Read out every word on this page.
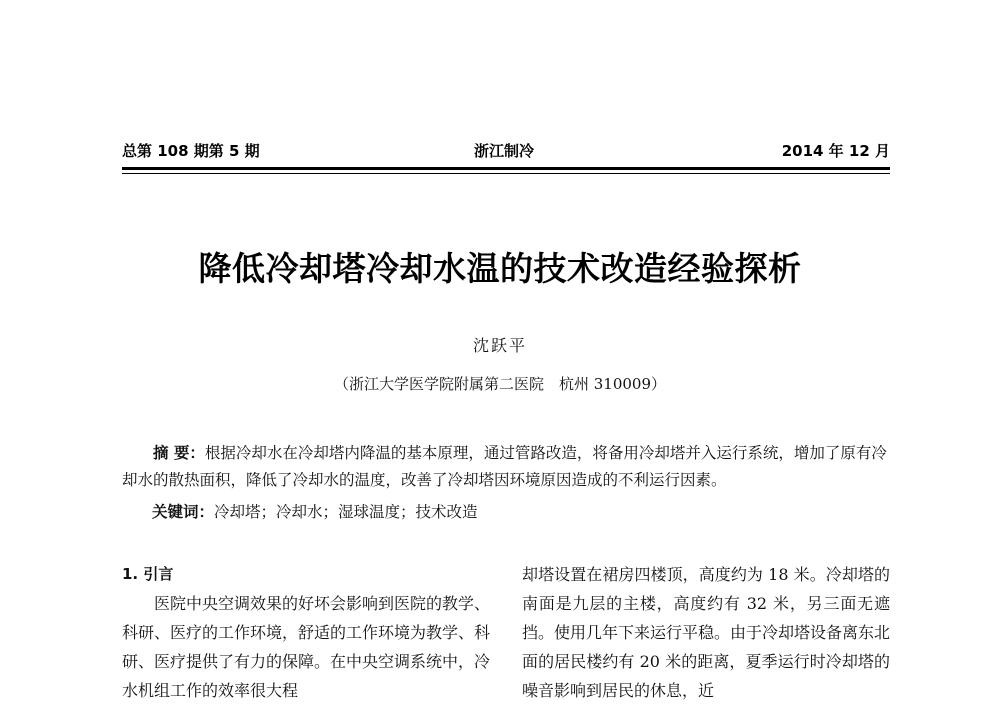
总第 108 期第 5 期	浙江制冷	2014 年 12 月
降低冷却塔冷却水温的技术改造经验探析
沈跃平
（浙江大学医学院附属第二医院　杭州 310009）
摘 要：根据冷却水在冷却塔内降温的基本原理，通过管路改造，将备用冷却塔并入运行系统，增加了原有冷却水的散热面积，降低了冷却水的温度，改善了冷却塔因环境原因造成的不利运行因素。
关键词：冷却塔；冷却水；湿球温度；技术改造
1. 引言
医院中央空调效果的好坏会影响到医院的教学、科研、医疗的工作环境，舒适的工作环境为教学、科研、医疗提供了有力的保障。在中央空调系统中，冷水机组工作的效率很大程
却塔设置在裙房四楼顶，高度约为 18 米。冷却塔的南面是九层的主楼，高度约有 32 米，另三面无遮挡。使用几年下来运行平稳。由于冷却塔设备离东北面的居民楼约有 20 米的距离，夏季运行时冷却塔的噪音影响到居民的休息，近
